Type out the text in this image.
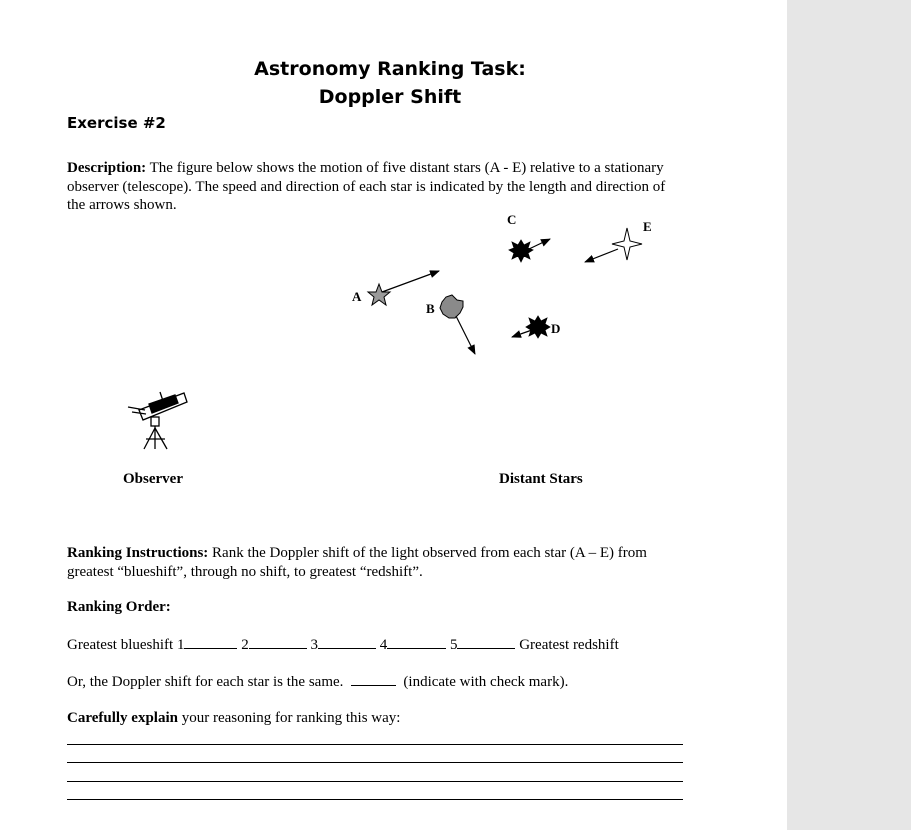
Astronomy Ranking Task:
Doppler Shift
Exercise #2
Description: The figure below shows the motion of five distant stars (A - E) relative to a stationary observer (telescope). The speed and direction of each star is indicated by the length and direction of the arrows shown.
A
B
C
D
E
Observer	Distant Stars
Ranking Instructions: Rank the Doppler shift of the light observed from each star (A – E) from greatest “blueshift”, through no shift, to greatest “redshift”.
Ranking Order:
Greatest blueshift 1	2	3	4	5	Greatest redshift
Or, the Doppler shift for each star is the same.	(indicate with check mark).
Carefully explain your reasoning for ranking this way:
